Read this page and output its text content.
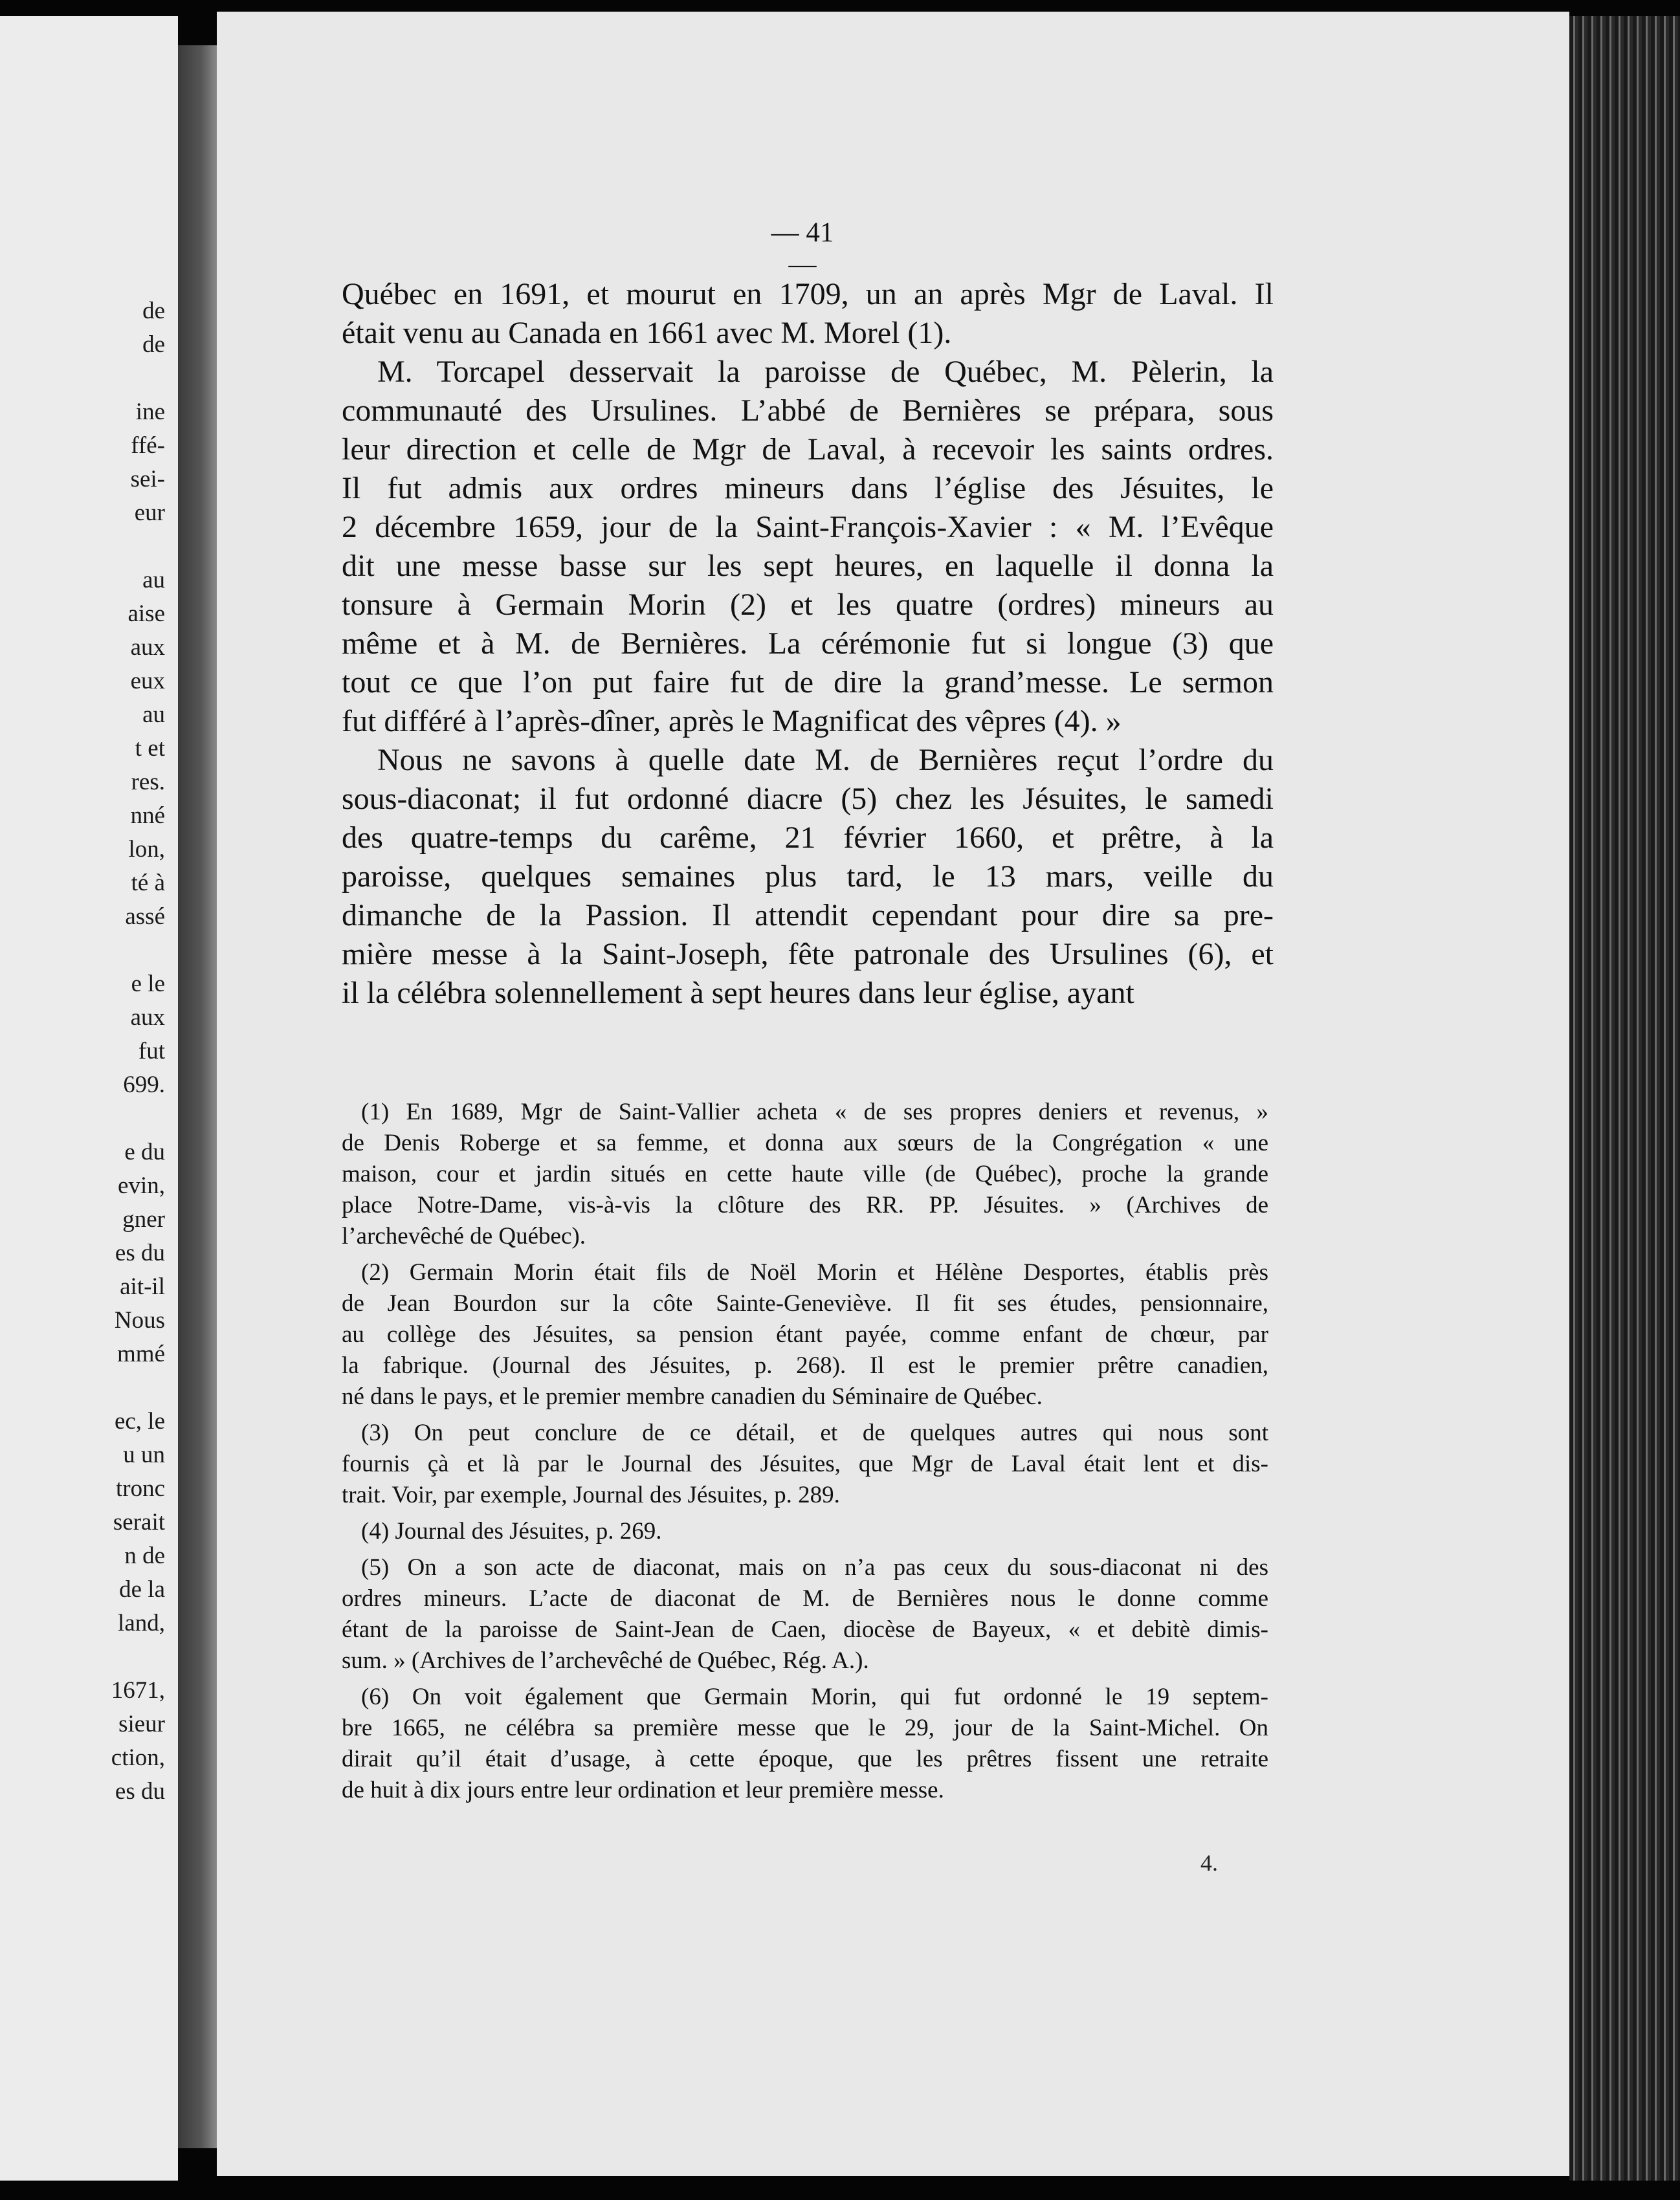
de
de

ine
ffé-
sei-
eur

au
aise
aux
eux
au
t et
res.
nné
lon,
té à
assé

e le
aux
fut
699.

e du
evin,
gner
es du
ait-il
Nous
mmé

ec, le
u un
tronc
serait
n de
de la
land,

1671,
sieur
ction,
es du
— 41 —
Québec en 1691, et mourut en 1709, un an après Mgr de Laval. Il
était venu au Canada en 1661 avec M. Morel (1).
M. Torcapel desservait la paroisse de Québec, M. Pèlerin, la
communauté des Ursulines. L’abbé de Bernières se prépara, sous
leur direction et celle de Mgr de Laval, à recevoir les saints ordres.
Il fut admis aux ordres mineurs dans l’église des Jésuites, le
2 décembre 1659, jour de la Saint-François-Xavier : « M. l’Evêque
dit une messe basse sur les sept heures, en laquelle il donna la
tonsure à Germain Morin (2) et les quatre (ordres) mineurs au
même et à M. de Bernières. La cérémonie fut si longue (3) que
tout ce que l’on put faire fut de dire la grand’messe. Le sermon
fut différé à l’après-dîner, après le Magnificat des vêpres (4). »
Nous ne savons à quelle date M. de Bernières reçut l’ordre du
sous-diaconat; il fut ordonné diacre (5) chez les Jésuites, le samedi
des quatre-temps du carême, 21 février 1660, et prêtre, à la
paroisse, quelques semaines plus tard, le 13 mars, veille du
dimanche de la Passion. Il attendit cependant pour dire sa pre-
mière messe à la Saint-Joseph, fête patronale des Ursulines (6), et
il la célébra solennellement à sept heures dans leur église, ayant
(1) En 1689, Mgr de Saint-Vallier acheta « de ses propres deniers et revenus, »
de Denis Roberge et sa femme, et donna aux sœurs de la Congrégation « une
maison, cour et jardin situés en cette haute ville (de Québec), proche la grande
place Notre-Dame, vis-à-vis la clôture des RR. PP. Jésuites. » (Archives de
l’archevêché de Québec).
(2) Germain Morin était fils de Noël Morin et Hélène Desportes, établis près
de Jean Bourdon sur la côte Sainte-Geneviève. Il fit ses études, pensionnaire,
au collège des Jésuites, sa pension étant payée, comme enfant de chœur, par
la fabrique. (Journal des Jésuites, p. 268). Il est le premier prêtre canadien,
né dans le pays, et le premier membre canadien du Séminaire de Québec.
(3) On peut conclure de ce détail, et de quelques autres qui nous sont
fournis çà et là par le Journal des Jésuites, que Mgr de Laval était lent et dis-
trait. Voir, par exemple, Journal des Jésuites, p. 289.
(4) Journal des Jésuites, p. 269.
(5) On a son acte de diaconat, mais on n’a pas ceux du sous-diaconat ni des
ordres mineurs. L’acte de diaconat de M. de Bernières nous le donne comme
étant de la paroisse de Saint-Jean de Caen, diocèse de Bayeux, « et debitè dimis-
sum. » (Archives de l’archevêché de Québec, Rég. A.).
(6) On voit également que Germain Morin, qui fut ordonné le 19 septem-
bre 1665, ne célébra sa première messe que le 29, jour de la Saint-Michel. On
dirait qu’il était d’usage, à cette époque, que les prêtres fissent une retraite
de huit à dix jours entre leur ordination et leur première messe.
4.
